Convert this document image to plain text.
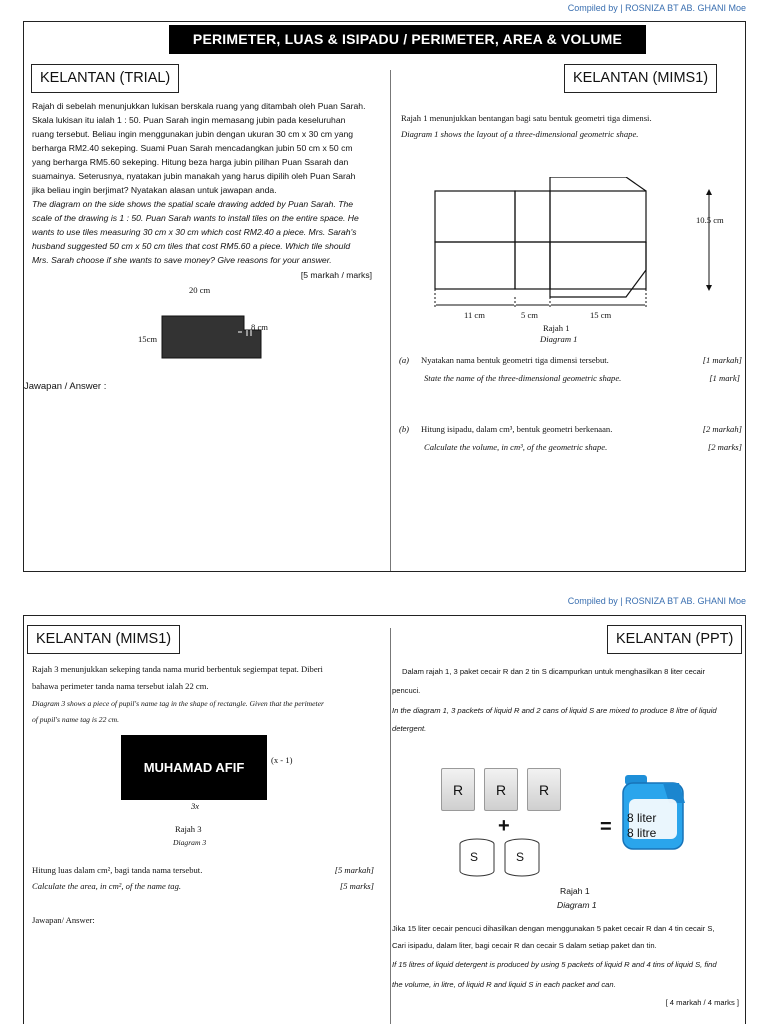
Compiled by | ROSNIZA BT AB. GHANI Moe
PERIMETER, LUAS & ISIPADU / PERIMETER, AREA & VOLUME
KELANTAN (TRIAL)
Rajah di sebelah menunjukkan lukisan berskala ruang yang ditambah oleh Puan Sarah.
Skala lukisan itu ialah 1 : 50. Puan Sarah ingin memasang jubin pada keseluruhan
ruang tersebut. Beliau ingin menggunakan jubin dengan ukuran 30 cm x 30 cm yang
berharga RM2.40 sekeping. Suami Puan Sarah mencadangkan jubin 50 cm x 50 cm
yang berharga RM5.60 sekeping. Hitung beza harga jubin pilihan Puan Ssarah dan
suamainya. Seterusnya, nyatakan jubin manakah yang harus dipilih oleh Puan Sarah
jika beliau ingin berjimat? Nyatakan alasan untuk jawapan anda.
The diagram on the side shows the spatial scale drawing added by Puan Sarah. The
scale of the drawing is 1 : 50. Puan Sarah wants to install tiles on the entire space. He
wants to use tiles measuring 30 cm x 30 cm which cost RM2.40 a piece. Mrs. Sarah's
husband suggested 50 cm x 50 cm tiles that cost RM5.60 a piece. Which tile should
Mrs. Sarah choose if she wants to save money? Give reasons for your answer.
[5 markah / marks]
20 cm
8 cm
15cm
Jawapan / Answer :
KELANTAN (MIMS1)
Rajah 1 menunjukkan bentangan bagi satu bentuk geometri tiga dimensi.
Diagram 1 shows the layout of a three-dimensional geometric shape.
10.5 cm
11 cm	5 cm	15 cm
Rajah 1
Diagram 1
(a) Nyatakan nama bentuk geometri tiga dimensi tersebut.	[1 markah]
State the name of the three-dimensional geometric shape.	[1 mark]
(b) Hitung isipadu, dalam cm³, bentuk geometri berkenaan.	[2 markah]
Calculate the volume, in cm³, of the geometric shape.	[2 marks]
Compiled by | ROSNIZA BT AB. GHANI Moe
KELANTAN (MIMS1)
Rajah 3 menunjukkan sekeping tanda nama murid berbentuk segiempat tepat. Diberi
bahawa perimeter tanda nama tersebut ialah 22 cm.
Diagram 3 shows a piece of pupil's name tag in the shape of rectangle. Given that the perimeter
of pupil's name tag is 22 cm.
MUHAMAD AFIF	(x - 1)
3x
Rajah 3
Diagram 3
Hitung luas dalam cm², bagi tanda nama tersebut.	[5 markah]
Calculate the area, in cm², of the name tag.	[5 marks]
Jawapan/ Answer:
KELANTAN (PPT)
Dalam rajah 1, 3 paket cecair R dan 2 tin S dicampurkan untuk menghasilkan 8 liter cecair
pencuci.
In the diagram 1, 3 packets of liquid R and 2 cans of liquid S are mixed to produce 8 litre of liquid
detergent.
R	R	R
+
S	S
= 8 liter
8 litre
Rajah 1
Diagram 1
Jika 15 liter cecair pencuci dihasilkan dengan menggunakan 5 paket cecair R dan 4 tin cecair S,
Cari isipadu, dalam liter, bagi cecair R dan cecair S dalam setiap paket dan tin.
If 15 litres of liquid detergent is produced by using 5 packets of liquid R and 4 tins of liquid S, find
the volume, in litre, of liquid R and liquid S in each packet and can.
[ 4 markah / 4 marks ]
